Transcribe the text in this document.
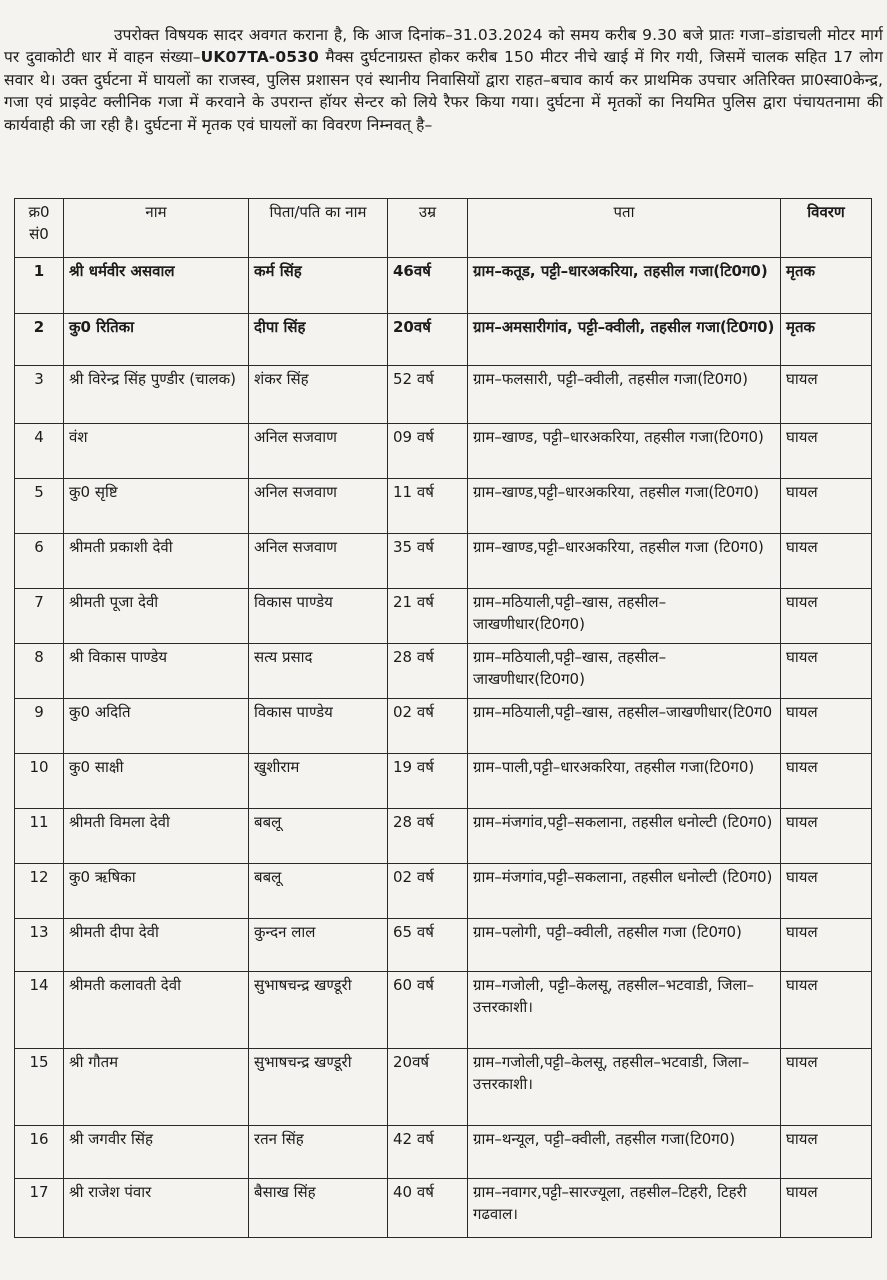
उपरोक्त विषयक सादर अवगत कराना है, कि आज दिनांक–31.03.2024 को समय करीब 9.30 बजे प्रातः गजा–डांडाचली मोटर मार्ग पर दुवाकोटी धार में वाहन संख्या–UK07TA-0530 मैक्स दुर्घटनाग्रस्त होकर करीब 150 मीटर नीचे खाई में गिर गयी, जिसमें चालक सहित 17 लोग सवार थे। उक्त दुर्घटना में घायलों का राजस्व, पुलिस प्रशासन एवं स्थानीय निवासियों द्वारा राहत–बचाव कार्य कर प्राथमिक उपचार अतिरिक्त प्रा0स्वा0केन्द्र, गजा एवं प्राइवेट क्लीनिक गजा में करवाने के उपरान्त हॉयर सेन्टर को लिये रैफर किया गया। दुर्घटना में मृतकों का नियमित पुलिस द्वारा पंचायतनामा की कार्यवाही की जा रही है। दुर्घटना में मृतक एवं घायलों का विवरण निम्नवत् है–

क्र0 सं0	नाम	पिता/पति का नाम	उम्र	पता	विवरण
1	श्री धर्मवीर असवाल	कर्म सिंह	46वर्ष	ग्राम–कतूड, पट्टी–धारअकरिया, तहसील गजा(टि0ग0)	मृतक
2	कु0 रितिका	दीपा सिंह	20वर्ष	ग्राम–अमसारीगांव, पट्टी–क्वीली, तहसील गजा(टि0ग0)	मृतक
3	श्री विरेन्द्र सिंह पुण्डीर (चालक)	शंकर सिंह	52 वर्ष	ग्राम–फलसारी, पट्टी–क्वीली, तहसील गजा(टि0ग0)	घायल
4	वंश	अनिल सजवाण	09 वर्ष	ग्राम–खाण्ड, पट्टी–धारअकरिया, तहसील गजा(टि0ग0)	घायल
5	कु0 सृष्टि	अनिल सजवाण	11 वर्ष	ग्राम–खाण्ड,पट्टी–धारअकरिया, तहसील गजा(टि0ग0)	घायल
6	श्रीमती प्रकाशी देवी	अनिल सजवाण	35 वर्ष	ग्राम–खाण्ड,पट्टी–धारअकरिया, तहसील गजा (टि0ग0)	घायल
7	श्रीमती पूजा देवी	विकास पाण्डेय	21 वर्ष	ग्राम–मठियाली,पट्टी–खास, तहसील–जाखणीधार(टि0ग0)	घायल
8	श्री विकास पाण्डेय	सत्य प्रसाद	28 वर्ष	ग्राम–मठियाली,पट्टी–खास, तहसील–जाखणीधार(टि0ग0)	घायल
9	कु0 अदिति	विकास पाण्डेय	02 वर्ष	ग्राम–मठियाली,पट्टी–खास, तहसील–जाखणीधार(टि0ग0	घायल
10	कु0 साक्षी	खुशीराम	19 वर्ष	ग्राम–पाली,पट्टी–धारअकरिया, तहसील गजा(टि0ग0)	घायल
11	श्रीमती विमला देवी	बबलू	28 वर्ष	ग्राम–मंजगांव,पट्टी–सकलाना, तहसील धनोल्टी (टि0ग0)	घायल
12	कु0 ऋषिका	बबलू	02 वर्ष	ग्राम–मंजगांव,पट्टी–सकलाना, तहसील धनोल्टी (टि0ग0)	घायल
13	श्रीमती दीपा देवी	कुन्दन लाल	65 वर्ष	ग्राम–पलोगी, पट्टी–क्वीली, तहसील गजा (टि0ग0)	घायल
14	श्रीमती कलावती देवी	सुभाषचन्द्र खण्डूरी	60 वर्ष	ग्राम–गजोली, पट्टी–केलसू, तहसील–भटवाडी, जिला–उत्तरकाशी।	घायल
15	श्री गौतम	सुभाषचन्द्र खण्डूरी	20वर्ष	ग्राम–गजोली,पट्टी–केलसू, तहसील–भटवाडी, जिला–उत्तरकाशी।	घायल
16	श्री जगवीर सिंह	रतन सिंह	42 वर्ष	ग्राम–थन्यूल, पट्टी–क्वीली, तहसील गजा(टि0ग0)	घायल
17	श्री राजेश पंवार	बैसाख सिंह	40 वर्ष	ग्राम–नवागर,पट्टी–सारज्यूला, तहसील–टिहरी, टिहरी गढवाल।	घायल
